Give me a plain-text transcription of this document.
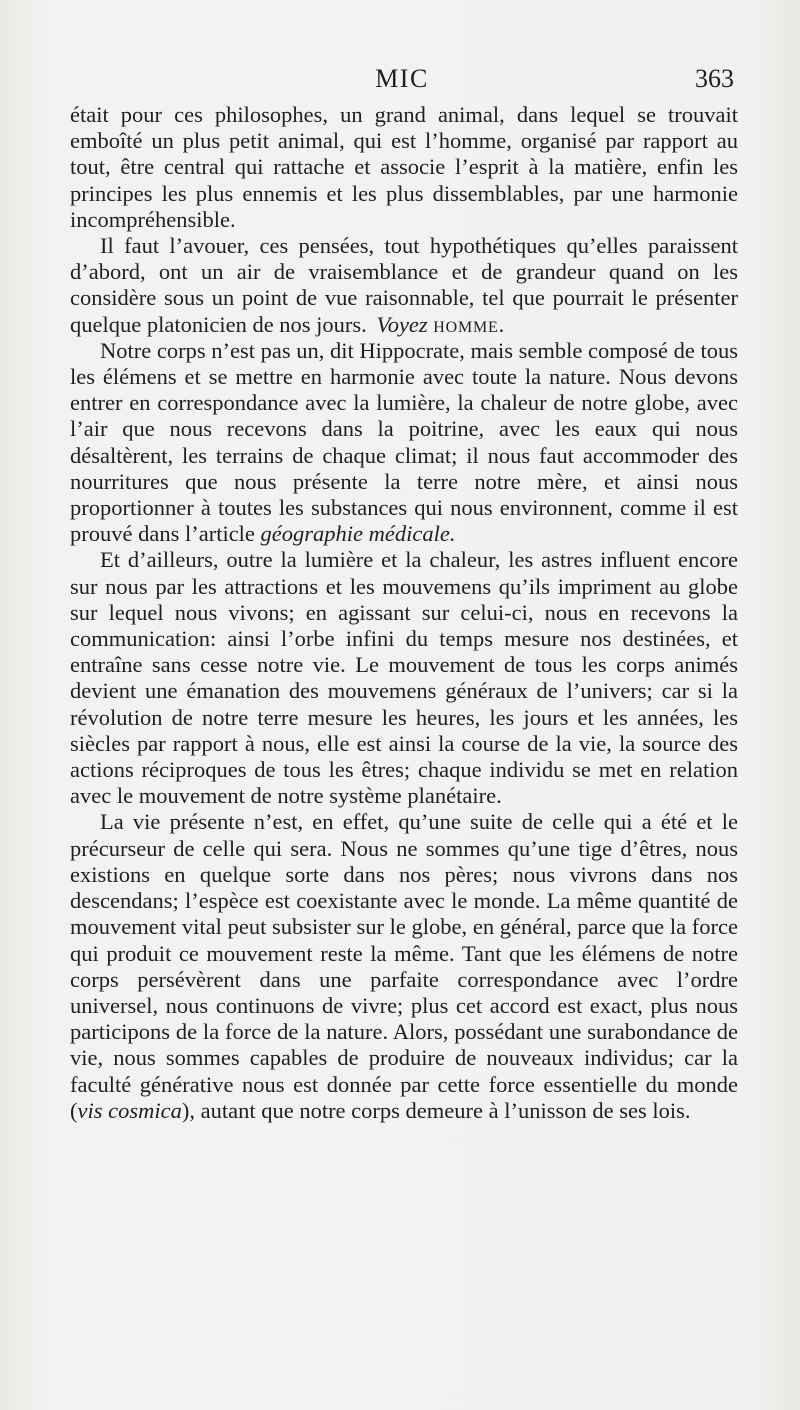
MIC	363

était pour ces philosophes, un grand animal, dans lequel se trouvait emboîté un plus petit animal, qui est l’homme, organisé par rapport au tout, être central qui rattache et associe l’esprit à la matière, enfin les principes les plus ennemis et les plus dissemblables, par une harmonie incompréhensible.

Il faut l’avouer, ces pensées, tout hypothétiques qu’elles paraissent d’abord, ont un air de vraisemblance et de grandeur quand on les considère sous un point de vue raisonnable, tel que pourrait le présenter quelque platonicien de nos jours. Voyez homme.

Notre corps n’est pas un, dit Hippocrate, mais semble composé de tous les élémens et se mettre en harmonie avec toute la nature. Nous devons entrer en correspondance avec la lumière, la chaleur de notre globe, avec l’air que nous recevons dans la poitrine, avec les eaux qui nous désaltèrent, les terrains de chaque climat; il nous faut accommoder des nourritures que nous présente la terre notre mère, et ainsi nous proportionner à toutes les substances qui nous environnent, comme il est prouvé dans l’article géographie médicale.

Et d’ailleurs, outre la lumière et la chaleur, les astres influent encore sur nous par les attractions et les mouvemens qu’ils impriment au globe sur lequel nous vivons; en agissant sur celui-ci, nous en recevons la communication: ainsi l’orbe infini du temps mesure nos destinées, et entraîne sans cesse notre vie. Le mouvement de tous les corps animés devient une émanation des mouvemens généraux de l’univers; car si la révolution de notre terre mesure les heures, les jours et les années, les siècles par rapport à nous, elle est ainsi la course de la vie, la source des actions réciproques de tous les êtres; chaque individu se met en relation avec le mouvement de notre système planétaire.

La vie présente n’est, en effet, qu’une suite de celle qui a été et le précurseur de celle qui sera. Nous ne sommes qu’une tige d’êtres, nous existions en quelque sorte dans nos pères; nous vivrons dans nos descendans; l’espèce est coexistante avec le monde. La même quantité de mouvement vital peut subsister sur le globe, en général, parce que la force qui produit ce mouvement reste la même. Tant que les élémens de notre corps persévèrent dans une parfaite correspondance avec l’ordre universel, nous continuons de vivre; plus cet accord est exact, plus nous participons de la force de la nature. Alors, possédant une surabondance de vie, nous sommes capables de produire de nouveaux individus; car la faculté générative nous est donnée par cette force essentielle du monde (vis cosmica), autant que notre corps demeure à l’unisson de ses lois.
